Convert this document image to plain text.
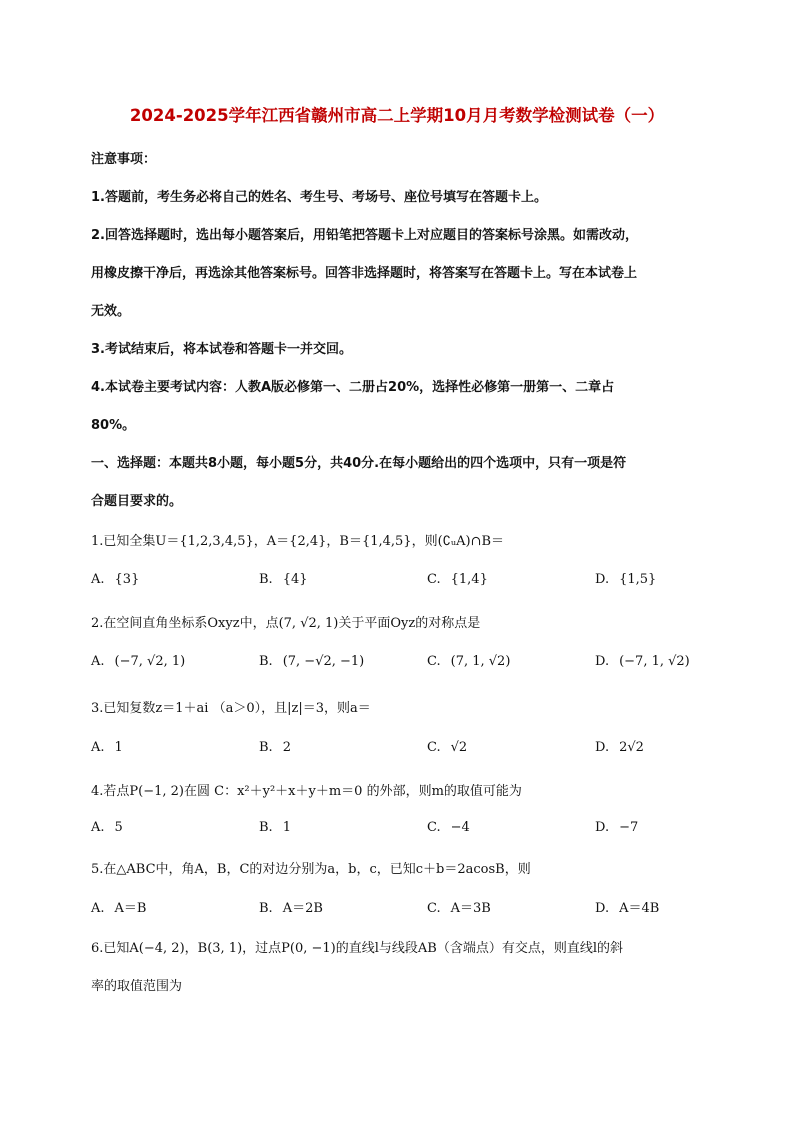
2024-2025学年江西省赣州市高二上学期10月月考数学检测试卷（一）
注意事项：
1.答题前，考生务必将自己的姓名、考生号、考场号、座位号填写在答题卡上。
2.回答选择题时，选出每小题答案后，用铅笔把答题卡上对应题目的答案标号涂黑。如需改动，
用橡皮擦干净后，再选涂其他答案标号。回答非选择题时，将答案写在答题卡上。写在本试卷上
无效。
3.考试结束后，将本试卷和答题卡一并交回。
4.本试卷主要考试内容：人教A版必修第一、二册占20%，选择性必修第一册第一、二章占
80%。
一、选择题：本题共8小题，每小题5分，共40分.在每小题给出的四个选项中，只有一项是符
合题目要求的。
1.已知全集U＝{1,2,3,4,5}，A＝{2,4}，B＝{1,4,5}，则(∁ᵤA)∩B＝
A. {3}	B. {4}	C. {1,4}	D. {1,5}
2.在空间直角坐标系Oxyz中，点(7, √2, 1)关于平面Oyz的对称点是
A. (−7, √2, 1)	B. (7, −√2, −1)	C. (7, 1, √2)	D. (−7, 1, √2)
3.已知复数z＝1＋ai （a＞0），且|z|＝3，则a＝
A. 1	B. 2	C. √2	D. 2√2
4.若点P(−1, 2)在圆 C：x²＋y²＋x＋y＋m＝0 的外部，则m的取值可能为
A. 5	B. 1	C. −4	D. −7
5.在△ABC中，角A，B，C的对边分别为a，b，c，已知c＋b＝2acosB，则
A. A＝B	B. A＝2B	C. A＝3B	D. A＝4B
6.已知A(−4, 2)，B(3, 1)，过点P(0, −1)的直线l与线段AB（含端点）有交点，则直线l的斜
率的取值范围为
